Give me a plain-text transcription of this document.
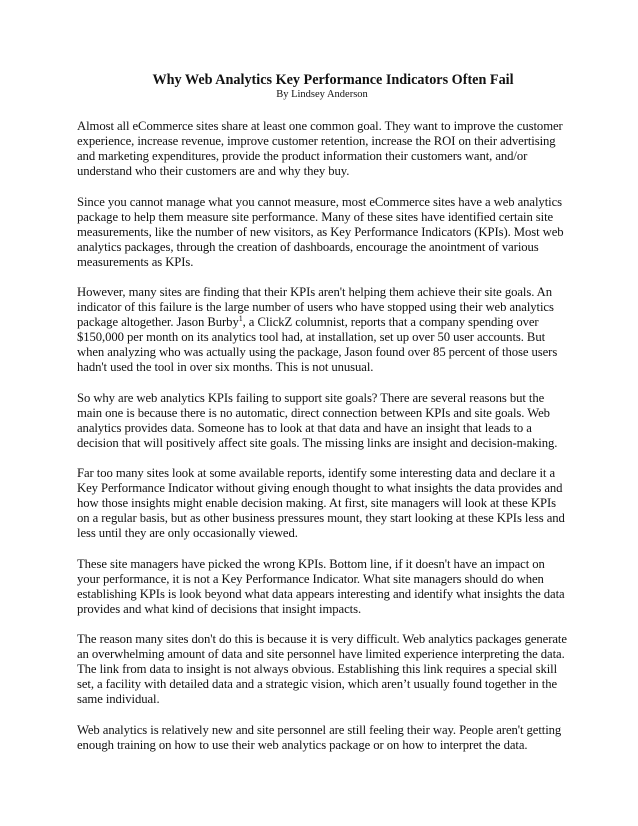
Why Web Analytics Key Performance Indicators Often Fail
By Lindsey Anderson

Almost all eCommerce sites share at least one common goal. They want to improve the customer experience, increase revenue, improve customer retention, increase the ROI on their advertising and marketing expenditures, provide the product information their customers want, and/or understand who their customers are and why they buy.

Since you cannot manage what you cannot measure, most eCommerce sites have a web analytics package to help them measure site performance. Many of these sites have identified certain site measurements, like the number of new visitors, as Key Performance Indicators (KPIs). Most web analytics packages, through the creation of dashboards, encourage the anointment of various measurements as KPIs.

However, many sites are finding that their KPIs aren't helping them achieve their site goals. An indicator of this failure is the large number of users who have stopped using their web analytics package altogether. Jason Burby$^1$, a ClickZ columnist, reports that a company spending over $150,000 per month on its analytics tool had, at installation, set up over 50 user accounts. But when analyzing who was actually using the package, Jason found over 85 percent of those users hadn't used the tool in over six months. This is not unusual.

So why are web analytics KPIs failing to support site goals? There are several reasons but the main one is because there is no automatic, direct connection between KPIs and site goals. Web analytics provides data. Someone has to look at that data and have an insight that leads to a decision that will positively affect site goals. The missing links are insight and decision-making.

Far too many sites look at some available reports, identify some interesting data and declare it a Key Performance Indicator without giving enough thought to what insights the data provides and how those insights might enable decision making. At first, site managers will look at these KPIs on a regular basis, but as other business pressures mount, they start looking at these KPIs less and less until they are only occasionally viewed.

These site managers have picked the wrong KPIs. Bottom line, if it doesn't have an impact on your performance, it is not a Key Performance Indicator. What site managers should do when establishing KPIs is look beyond what data appears interesting and identify what insights the data provides and what kind of decisions that insight impacts.

The reason many sites don't do this is because it is very difficult. Web analytics packages generate an overwhelming amount of data and site personnel have limited experience interpreting the data. The link from data to insight is not always obvious. Establishing this link requires a special skill set, a facility with detailed data and a strategic vision, which aren’t usually found together in the same individual.

Web analytics is relatively new and site personnel are still feeling their way. People aren't getting enough training on how to use their web analytics package or on how to interpret the data.
